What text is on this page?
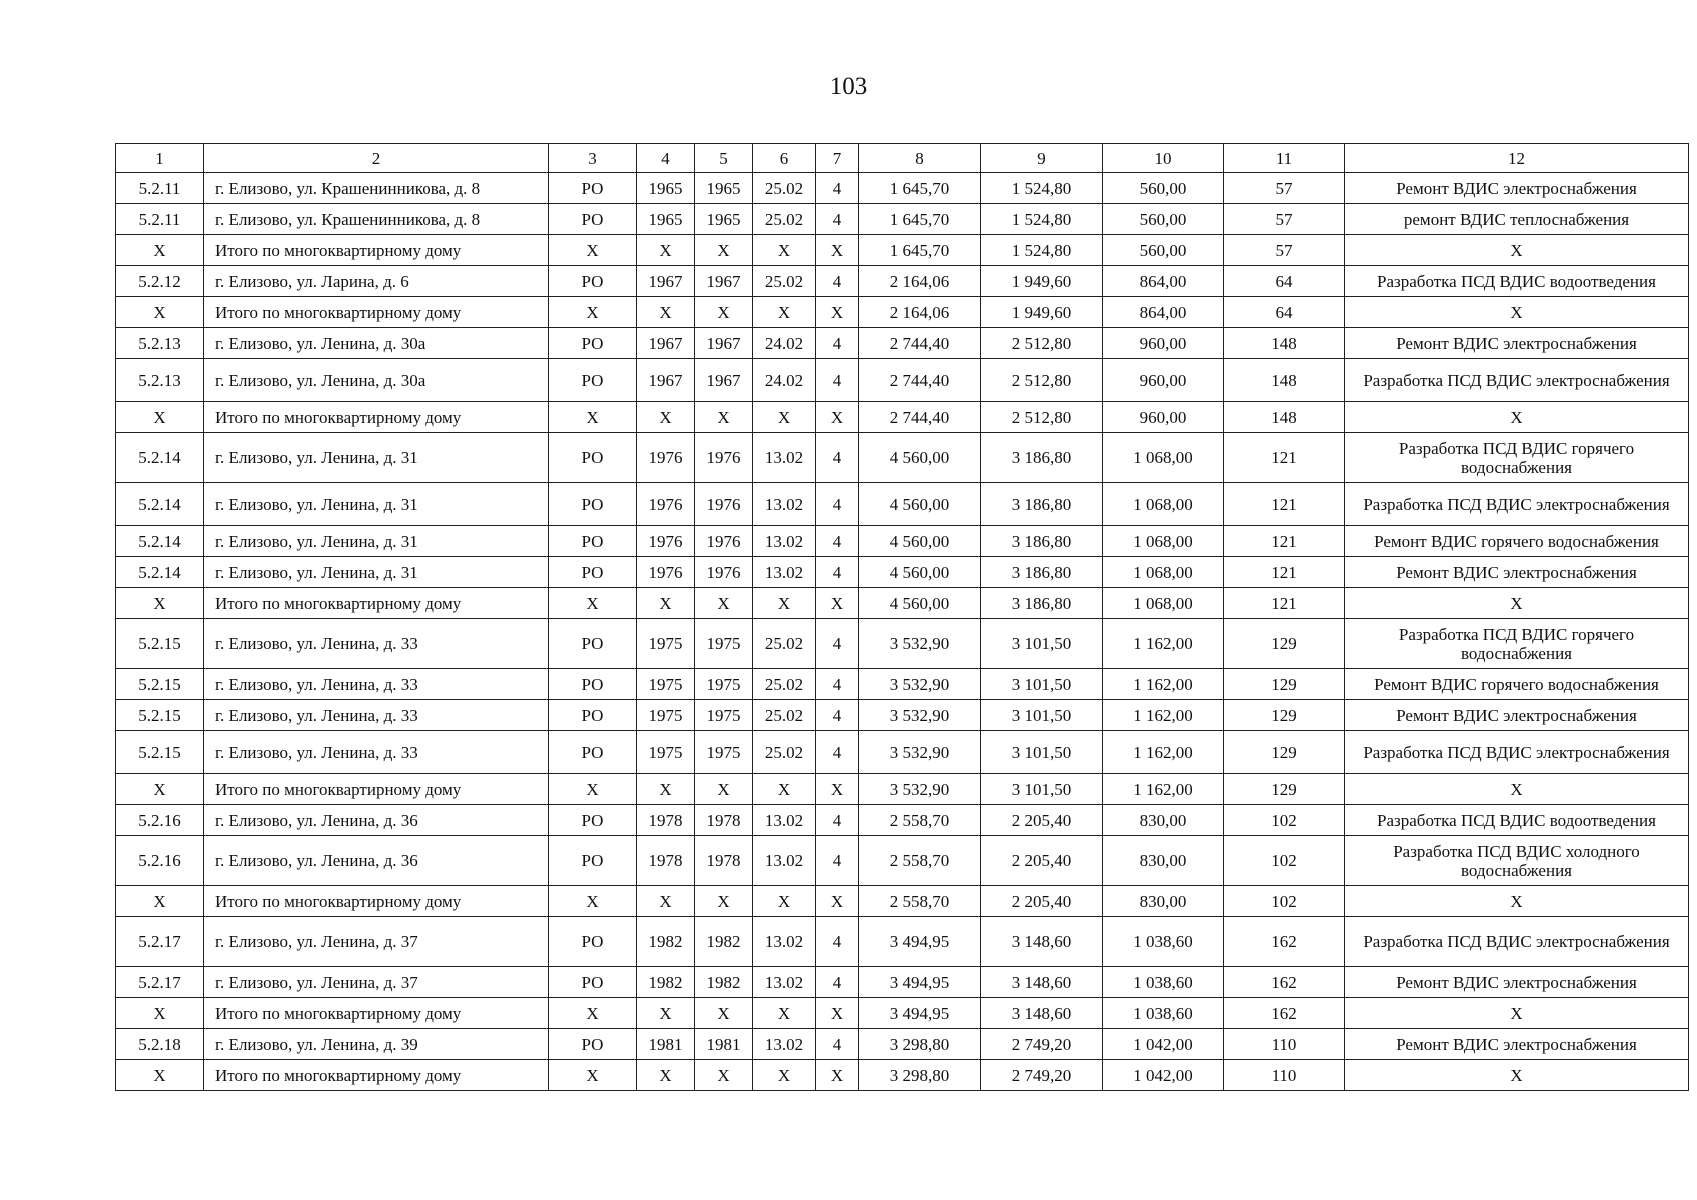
103
1	2	3	4	5	6	7	8	9	10	11	12
5.2.11	г. Елизово, ул. Крашенинникова, д. 8	РО	1965	1965	25.02	4	1 645,70	1 524,80	560,00	57	Ремонт ВДИС электроснабжения
5.2.11	г. Елизово, ул. Крашенинникова, д. 8	РО	1965	1965	25.02	4	1 645,70	1 524,80	560,00	57	ремонт ВДИС теплоснабжения
Х	Итого по многоквартирному дому	Х	Х	Х	Х	Х	1 645,70	1 524,80	560,00	57	Х
5.2.12	г. Елизово, ул. Ларина, д. 6	РО	1967	1967	25.02	4	2 164,06	1 949,60	864,00	64	Разработка ПСД ВДИС водоотведения
Х	Итого по многоквартирному дому	Х	Х	Х	Х	Х	2 164,06	1 949,60	864,00	64	Х
5.2.13	г. Елизово, ул. Ленина, д. 30а	РО	1967	1967	24.02	4	2 744,40	2 512,80	960,00	148	Ремонт ВДИС электроснабжения
5.2.13	г. Елизово, ул. Ленина, д. 30а	РО	1967	1967	24.02	4	2 744,40	2 512,80	960,00	148	Разработка ПСД ВДИС электроснабжения
Х	Итого по многоквартирному дому	Х	Х	Х	Х	Х	2 744,40	2 512,80	960,00	148	Х
5.2.14	г. Елизово, ул. Ленина, д. 31	РО	1976	1976	13.02	4	4 560,00	3 186,80	1 068,00	121	Разработка ПСД ВДИС горячего водоснабжения
5.2.14	г. Елизово, ул. Ленина, д. 31	РО	1976	1976	13.02	4	4 560,00	3 186,80	1 068,00	121	Разработка ПСД ВДИС электроснабжения
5.2.14	г. Елизово, ул. Ленина, д. 31	РО	1976	1976	13.02	4	4 560,00	3 186,80	1 068,00	121	Ремонт ВДИС горячего водоснабжения
5.2.14	г. Елизово, ул. Ленина, д. 31	РО	1976	1976	13.02	4	4 560,00	3 186,80	1 068,00	121	Ремонт ВДИС электроснабжения
Х	Итого по многоквартирному дому	Х	Х	Х	Х	Х	4 560,00	3 186,80	1 068,00	121	Х
5.2.15	г. Елизово, ул. Ленина, д. 33	РО	1975	1975	25.02	4	3 532,90	3 101,50	1 162,00	129	Разработка ПСД ВДИС горячего водоснабжения
5.2.15	г. Елизово, ул. Ленина, д. 33	РО	1975	1975	25.02	4	3 532,90	3 101,50	1 162,00	129	Ремонт ВДИС горячего водоснабжения
5.2.15	г. Елизово, ул. Ленина, д. 33	РО	1975	1975	25.02	4	3 532,90	3 101,50	1 162,00	129	Ремонт ВДИС электроснабжения
5.2.15	г. Елизово, ул. Ленина, д. 33	РО	1975	1975	25.02	4	3 532,90	3 101,50	1 162,00	129	Разработка ПСД ВДИС электроснабжения
Х	Итого по многоквартирному дому	Х	Х	Х	Х	Х	3 532,90	3 101,50	1 162,00	129	Х
5.2.16	г. Елизово, ул. Ленина, д. 36	РО	1978	1978	13.02	4	2 558,70	2 205,40	830,00	102	Разработка ПСД ВДИС водоотведения
5.2.16	г. Елизово, ул. Ленина, д. 36	РО	1978	1978	13.02	4	2 558,70	2 205,40	830,00	102	Разработка ПСД ВДИС холодного водоснабжения
Х	Итого по многоквартирному дому	Х	Х	Х	Х	Х	2 558,70	2 205,40	830,00	102	Х
5.2.17	г. Елизово, ул. Ленина, д. 37	РО	1982	1982	13.02	4	3 494,95	3 148,60	1 038,60	162	Разработка ПСД ВДИС электроснабжения
5.2.17	г. Елизово, ул. Ленина, д. 37	РО	1982	1982	13.02	4	3 494,95	3 148,60	1 038,60	162	Ремонт ВДИС электроснабжения
Х	Итого по многоквартирному дому	Х	Х	Х	Х	Х	3 494,95	3 148,60	1 038,60	162	Х
5.2.18	г. Елизово, ул. Ленина, д. 39	РО	1981	1981	13.02	4	3 298,80	2 749,20	1 042,00	110	Ремонт ВДИС электроснабжения
Х	Итого по многоквартирному дому	Х	Х	Х	Х	Х	3 298,80	2 749,20	1 042,00	110	Х
